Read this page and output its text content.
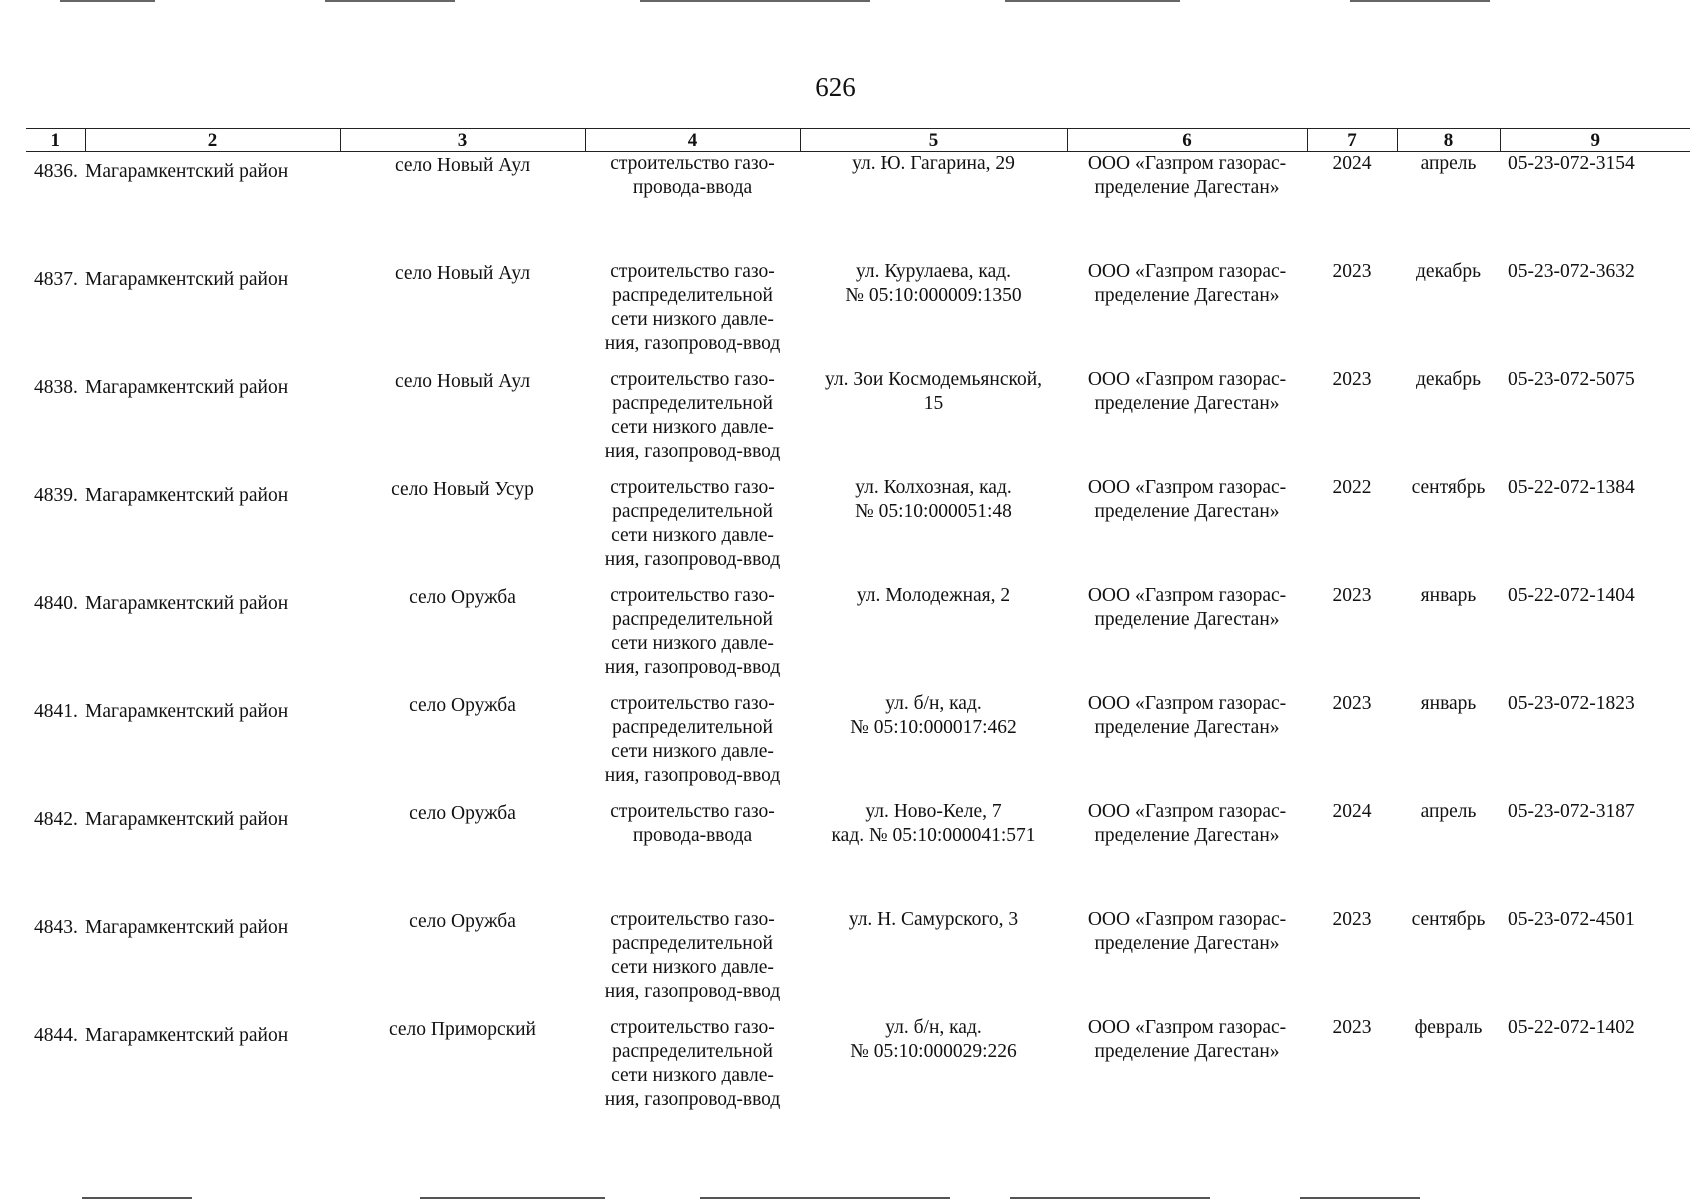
626
1	2	3	4	5	6	7	8	9
4836.	Магарамкентский район	село Новый Аул	строительство газо-
провода-ввода	ул. Ю. Гагарина, 29	ООО «Газпром газорас-
пределение Дагестан»	2024	апрель	05-23-072-3154
4837.	Магарамкентский район	село Новый Аул	строительство газо-
распределительной
сети низкого давле-
ния, газопровод-ввод	ул. Курулаева, кад.
№ 05:10:000009:1350	ООО «Газпром газорас-
пределение Дагестан»	2023	декабрь	05-23-072-3632
4838.	Магарамкентский район	село Новый Аул	строительство газо-
распределительной
сети низкого давле-
ния, газопровод-ввод	ул. Зои Космодемьянской,
15	ООО «Газпром газорас-
пределение Дагестан»	2023	декабрь	05-23-072-5075
4839.	Магарамкентский район	село Новый Усур	строительство газо-
распределительной
сети низкого давле-
ния, газопровод-ввод	ул. Колхозная, кад.
№ 05:10:000051:48	ООО «Газпром газорас-
пределение Дагестан»	2022	сентябрь	05-22-072-1384
4840.	Магарамкентский район	село Оружба	строительство газо-
распределительной
сети низкого давле-
ния, газопровод-ввод	ул. Молодежная, 2	ООО «Газпром газорас-
пределение Дагестан»	2023	январь	05-22-072-1404
4841.	Магарамкентский район	село Оружба	строительство газо-
распределительной
сети низкого давле-
ния, газопровод-ввод	ул. б/н, кад.
№ 05:10:000017:462	ООО «Газпром газорас-
пределение Дагестан»	2023	январь	05-23-072-1823
4842.	Магарамкентский район	село Оружба	строительство газо-
провода-ввода	ул. Ново-Келе, 7
кад. № 05:10:000041:571	ООО «Газпром газорас-
пределение Дагестан»	2024	апрель	05-23-072-3187
4843.	Магарамкентский район	село Оружба	строительство газо-
распределительной
сети низкого давле-
ния, газопровод-ввод	ул. Н. Самурского, 3	ООО «Газпром газорас-
пределение Дагестан»	2023	сентябрь	05-23-072-4501
4844.	Магарамкентский район	село Приморский	строительство газо-
распределительной
сети низкого давле-
ния, газопровод-ввод	ул. б/н, кад.
№ 05:10:000029:226	ООО «Газпром газорас-
пределение Дагестан»	2023	февраль	05-22-072-1402
